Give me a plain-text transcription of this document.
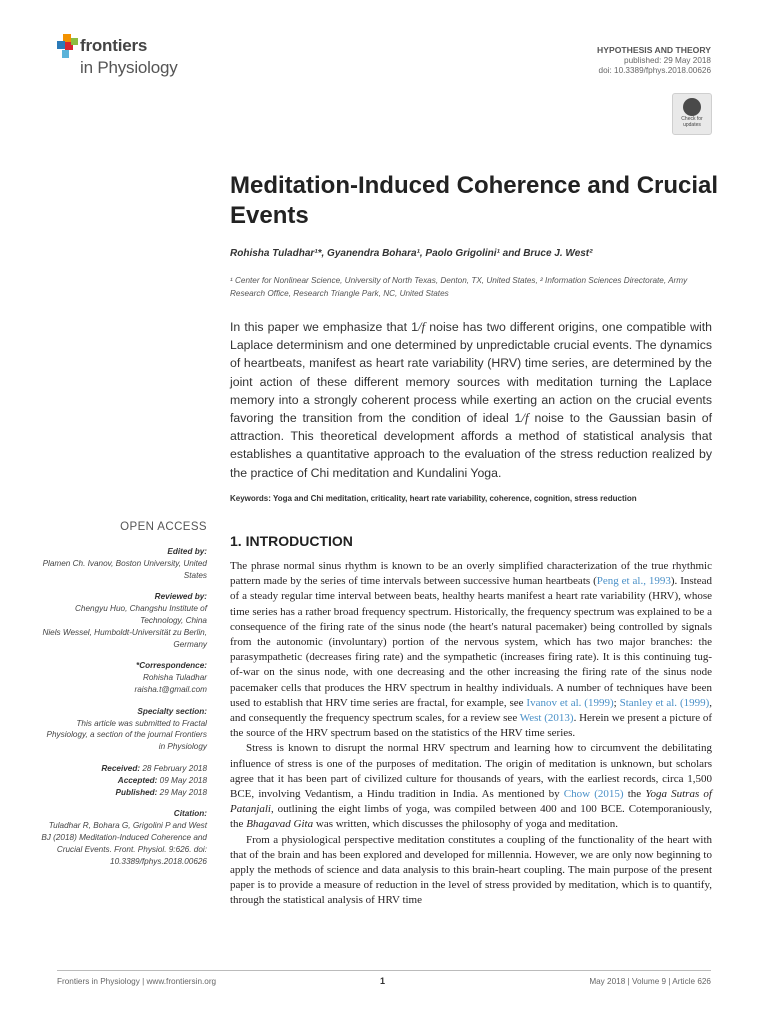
frontiers
in Physiology
HYPOTHESIS AND THEORY
published: 29 May 2018
doi: 10.3389/fphys.2018.00626
Check for
updates
Meditation-Induced Coherence and Crucial Events
Rohisha Tuladhar¹*, Gyanendra Bohara¹, Paolo Grigolini¹ and Bruce J. West²
¹ Center for Nonlinear Science, University of North Texas, Denton, TX, United States, ² Information Sciences Directorate, Army Research Office, Research Triangle Park, NC, United States
In this paper we emphasize that 1/f noise has two different origins, one compatible with Laplace determinism and one determined by unpredictable crucial events. The dynamics of heartbeats, manifest as heart rate variability (HRV) time series, are determined by the joint action of these different memory sources with meditation turning the Laplace memory into a strongly coherent process while exerting an action on the crucial events favoring the transition from the condition of ideal 1/f noise to the Gaussian basin of attraction. This theoretical development affords a method of statistical analysis that establishes a quantitative approach to the evaluation of the stress reduction realized by the practice of Chi meditation and Kundalini Yoga.
Keywords: Yoga and Chi meditation, criticality, heart rate variability, coherence, cognition, stress reduction
OPEN ACCESS
Edited by:
Plamen Ch. Ivanov, Boston University, United States
Reviewed by:
Chengyu Huo, Changshu Institute of Technology, China
Niels Wessel, Humboldt-Universität zu Berlin, Germany
*Correspondence:
Rohisha Tuladhar
raisha.t@gmail.com
Specialty section:
This article was submitted to Fractal Physiology, a section of the journal Frontiers in Physiology
Received: 28 February 2018
Accepted: 09 May 2018
Published: 29 May 2018
Citation:
Tuladhar R, Bohara G, Grigolini P and West BJ (2018) Meditation-Induced Coherence and Crucial Events. Front. Physiol. 9:626. doi: 10.3389/fphys.2018.00626
1. INTRODUCTION

The phrase normal sinus rhythm is known to be an overly simplified characterization of the true rhythmic pattern made by the series of time intervals between successive human heartbeats (Peng et al., 1993). Instead of a steady regular time interval between beats, healthy hearts manifest a heart rate variability (HRV), whose time series has a rather broad frequency spectrum. Historically, the frequency spectrum was explained to be a consequence of the firing rate of the sinus node (the heart's natural pacemaker) being controlled by signals from the autonomic (involuntary) portion of the nervous system, which has two major branches: the parasympathetic (decreases firing rate) and the sympathetic (increases firing rate). It is this continuing tug-of-war on the sinus node, with one decreasing and the other increasing the firing rate of the sinus node pacemaker cells that produces the HRV spectrum in healthy individuals. A number of techniques have been used to establish that HRV time series are fractal, for example, see Ivanov et al. (1999); Stanley et al. (1999), and consequently the frequency spectrum scales, for a review see West (2013). Herein we present a picture of the source of the HRV spectrum based on the statistics of the HRV time series.

Stress is known to disrupt the normal HRV spectrum and learning how to circumvent the debilitating influence of stress is one of the purposes of meditation. The origin of meditation is unknown, but scholars agree that it has been part of civilized culture for thousands of years, with the earliest records, circa 1,500 BCE, involving Vedantism, a Hindu tradition in India. As mentioned by Chow (2015) the Yoga Sutras of Patanjali, outlining the eight limbs of yoga, was compiled between 400 and 100 BCE. Cotemporaniously, the Bhagavad Gita was written, which discusses the philosophy of yoga and meditation.

From a physiological perspective meditation constitutes a coupling of the functionality of the heart with that of the brain and has been explored and developed for millennia. However, we are only now beginning to apply the methods of science and data analysis to this brain-heart coupling. The main purpose of the present paper is to provide a measure of reduction in the level of stress provided by meditation, which is to quantify, through the statistical analysis of HRV time

Frontiers in Physiology | www.frontiersin.org	1	May 2018 | Volume 9 | Article 626
